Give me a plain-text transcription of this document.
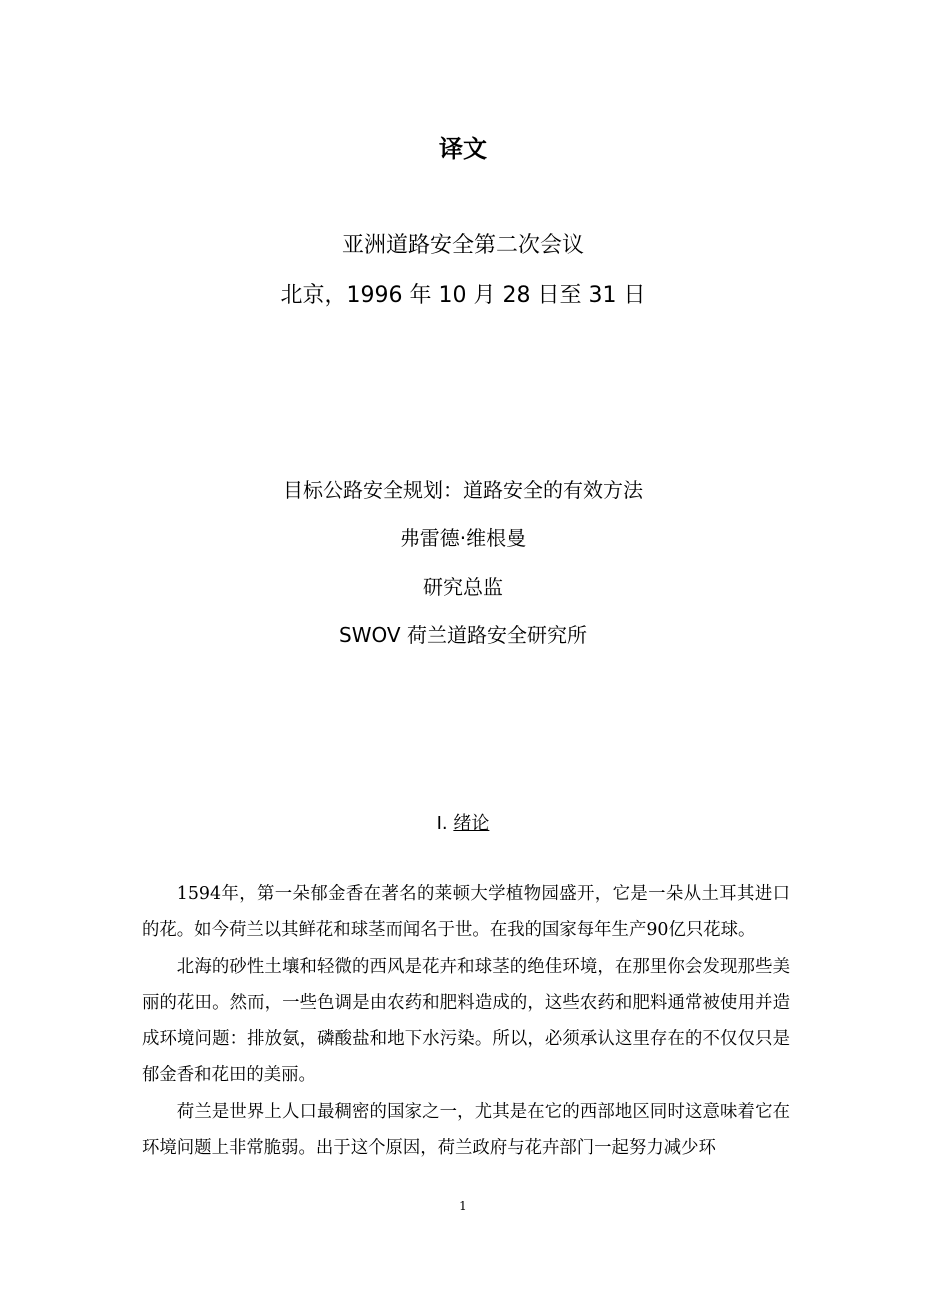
译文
亚洲道路安全第二次会议
北京，1996 年 10 月 28 日至 31 日
目标公路安全规划：道路安全的有效方法
弗雷德·维根曼
研究总监
SWOV 荷兰道路安全研究所
I. 绪论

1594年，第一朵郁金香在著名的莱顿大学植物园盛开，它是一朵从土耳其进口的花。如今荷兰以其鲜花和球茎而闻名于世。在我的国家每年生产90亿只花球。

北海的砂性土壤和轻微的西风是花卉和球茎的绝佳环境，在那里你会发现那些美丽的花田。然而，一些色调是由农药和肥料造成的，这些农药和肥料通常被使用并造成环境问题：排放氨，磷酸盐和地下水污染。所以，必须承认这里存在的不仅仅只是郁金香和花田的美丽。

荷兰是世界上人口最稠密的国家之一，尤其是在它的西部地区同时这意味着它在环境问题上非常脆弱。出于这个原因，荷兰政府与花卉部门一起努力减少环

1
